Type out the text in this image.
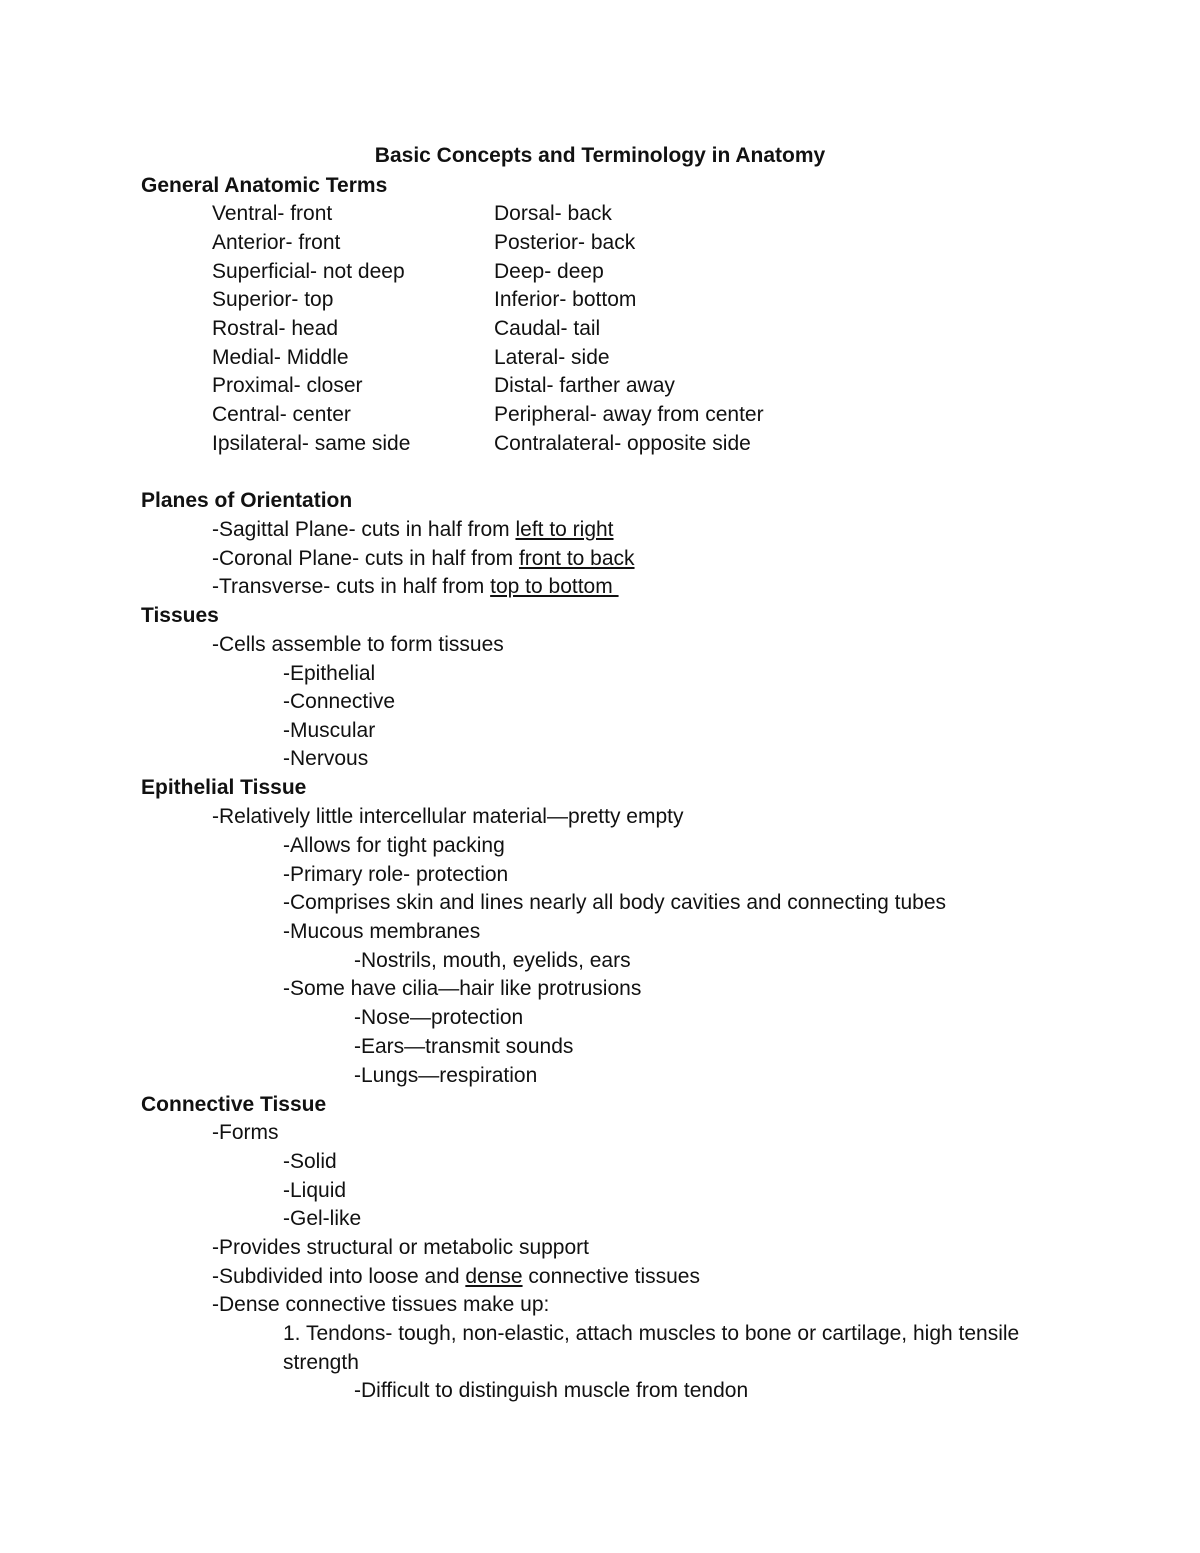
Basic Concepts and Terminology in Anatomy
General Anatomic Terms
Ventral- front	Dorsal- back
Anterior- front	Posterior- back
Superficial- not deep	Deep- deep
Superior- top	Inferior- bottom
Rostral- head	Caudal- tail
Medial- Middle	Lateral- side
Proximal- closer	Distal- farther away
Central- center	Peripheral- away from center
Ipsilateral- same side	Contralateral- opposite side
Planes of Orientation
-Sagittal Plane- cuts in half from left to right
-Coronal Plane- cuts in half from front to back
-Transverse- cuts in half from top to bottom
Tissues
-Cells assemble to form tissues
-Epithelial
-Connective
-Muscular
-Nervous
Epithelial Tissue
-Relatively little intercellular material—pretty empty
-Allows for tight packing
-Primary role- protection
-Comprises skin and lines nearly all body cavities and connecting tubes
-Mucous membranes
-Nostrils, mouth, eyelids, ears
-Some have cilia—hair like protrusions
-Nose—protection
-Ears—transmit sounds
-Lungs—respiration
Connective Tissue
-Forms
-Solid
-Liquid
-Gel-like
-Provides structural or metabolic support
-Subdivided into loose and dense connective tissues
-Dense connective tissues make up:
1. Tendons- tough, non-elastic, attach muscles to bone or cartilage, high tensile
strength
-Difficult to distinguish muscle from tendon
